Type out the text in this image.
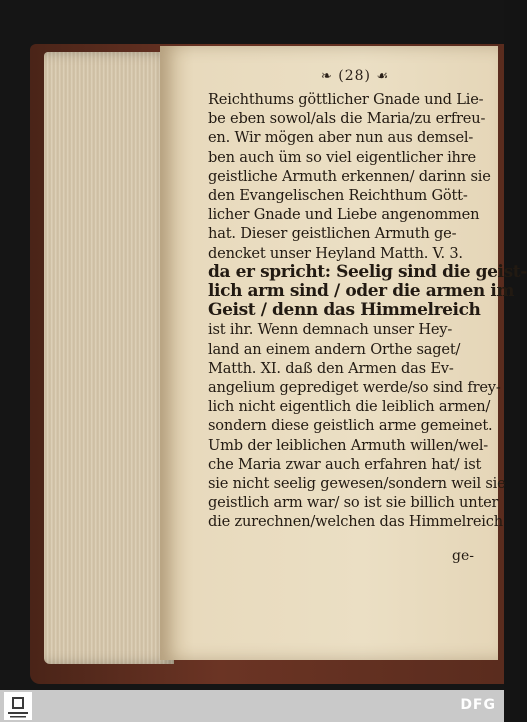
❧ (28) ☙
Reichthums göttlicher Gnade und Lie-
be eben sowol/als die Maria/zu erfreu-
en. Wir mögen aber nun aus demsel-
ben auch üm so viel eigentlicher ihre
geistliche Armuth erkennen/ darinn sie
den Evangelischen Reichthum Gött-
licher Gnade und Liebe angenommen
hat. Dieser geistlichen Armuth ge-
dencket unser Heyland Matth. V. 3.
da er spricht: Seelig sind die geist-
lich arm sind / oder die armen im
Geist / denn das Himmelreich
ist ihr. Wenn demnach unser Hey-
land an einem andern Orthe saget/
Matth. XI. daß den Armen das Ev-
angelium geprediget werde/so sind frey-
lich nicht eigentlich die leiblich armen/
sondern diese geistlich arme gemeinet.
Umb der leiblichen Armuth willen/wel-
che Maria zwar auch erfahren hat/ ist
sie nicht seelig gewesen/sondern weil sie
geistlich arm war/ so ist sie billich unter
die zurechnen/welchen das Himmelreich
ge-
DFG
